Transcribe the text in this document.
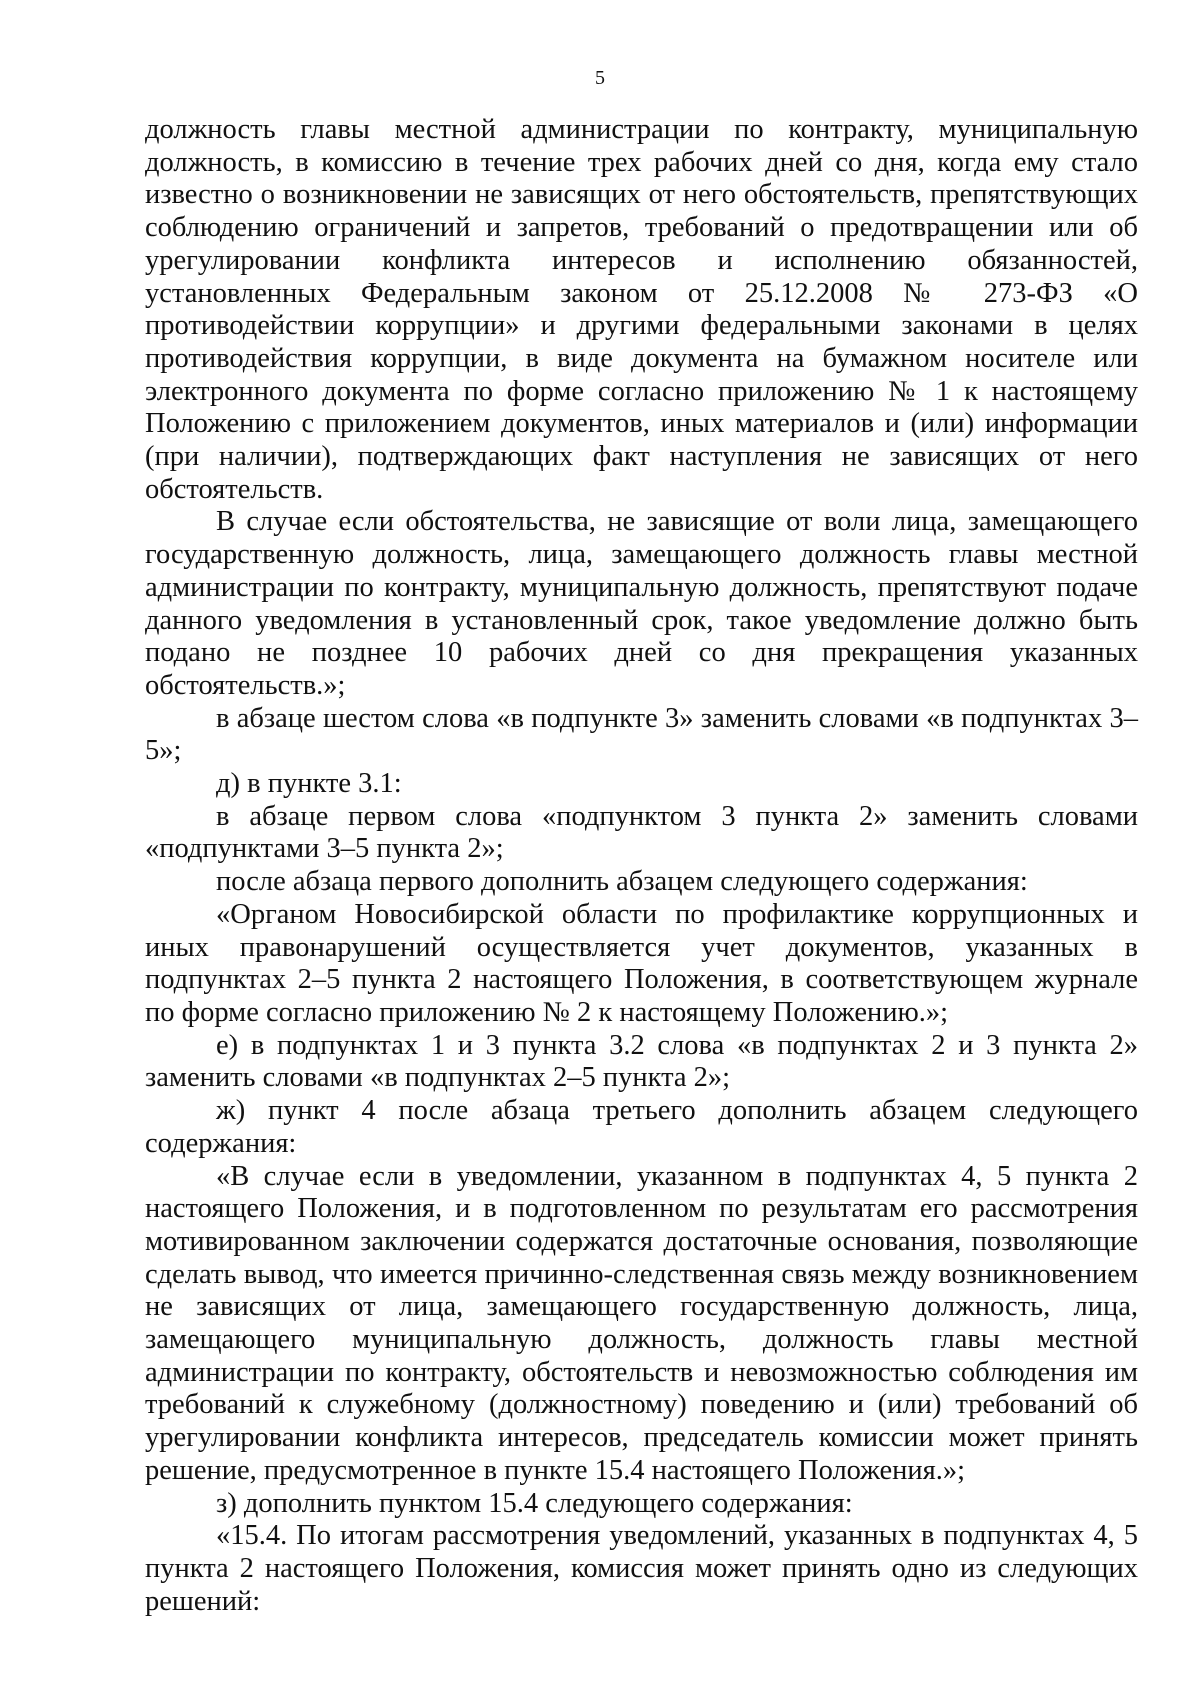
5

должность главы местной администрации по контракту, муниципальную должность, в комиссию в течение трех рабочих дней со дня, когда ему стало известно о возникновении не зависящих от него обстоятельств, препятствующих соблюдению ограничений и запретов, требований о предотвращении или об урегулировании конфликта интересов и исполнению обязанностей, установленных Федеральным законом от 25.12.2008 № 273-ФЗ «О противодействии коррупции» и другими федеральными законами в целях противодействия коррупции, в виде документа на бумажном носителе или электронного документа по форме согласно приложению № 1 к настоящему Положению с приложением документов, иных материалов и (или) информации (при наличии), подтверждающих факт наступления не зависящих от него обстоятельств.

В случае если обстоятельства, не зависящие от воли лица, замещающего государственную должность, лица, замещающего должность главы местной администрации по контракту, муниципальную должность, препятствуют подаче данного уведомления в установленный срок, такое уведомление должно быть подано не позднее 10 рабочих дней со дня прекращения указанных обстоятельств.»;

в абзаце шестом слова «в подпункте 3» заменить словами «в подпунктах 3–5»;

д) в пункте 3.1:

в абзаце первом слова «подпунктом 3 пункта 2» заменить словами «подпунктами 3–5 пункта 2»;

после абзаца первого дополнить абзацем следующего содержания:

«Органом Новосибирской области по профилактике коррупционных и иных правонарушений осуществляется учет документов, указанных в подпунктах 2–5 пункта 2 настоящего Положения, в соответствующем журнале по форме согласно приложению № 2 к настоящему Положению.»;

е) в подпунктах 1 и 3 пункта 3.2 слова «в подпунктах 2 и 3 пункта 2» заменить словами «в подпунктах 2–5 пункта 2»;

ж) пункт 4 после абзаца третьего дополнить абзацем следующего содержания:

«В случае если в уведомлении, указанном в подпунктах 4, 5 пункта 2 настоящего Положения, и в подготовленном по результатам его рассмотрения мотивированном заключении содержатся достаточные основания, позволяющие сделать вывод, что имеется причинно-следственная связь между возникновением не зависящих от лица, замещающего государственную должность, лица, замещающего муниципальную должность, должность главы местной администрации по контракту, обстоятельств и невозможностью соблюдения им требований к служебному (должностному) поведению и (или) требований об урегулировании конфликта интересов, председатель комиссии может принять решение, предусмотренное в пункте 15.4 настоящего Положения.»;

з) дополнить пунктом 15.4 следующего содержания:

«15.4. По итогам рассмотрения уведомлений, указанных в подпунктах 4, 5 пункта 2 настоящего Положения, комиссия может принять одно из следующих решений:
